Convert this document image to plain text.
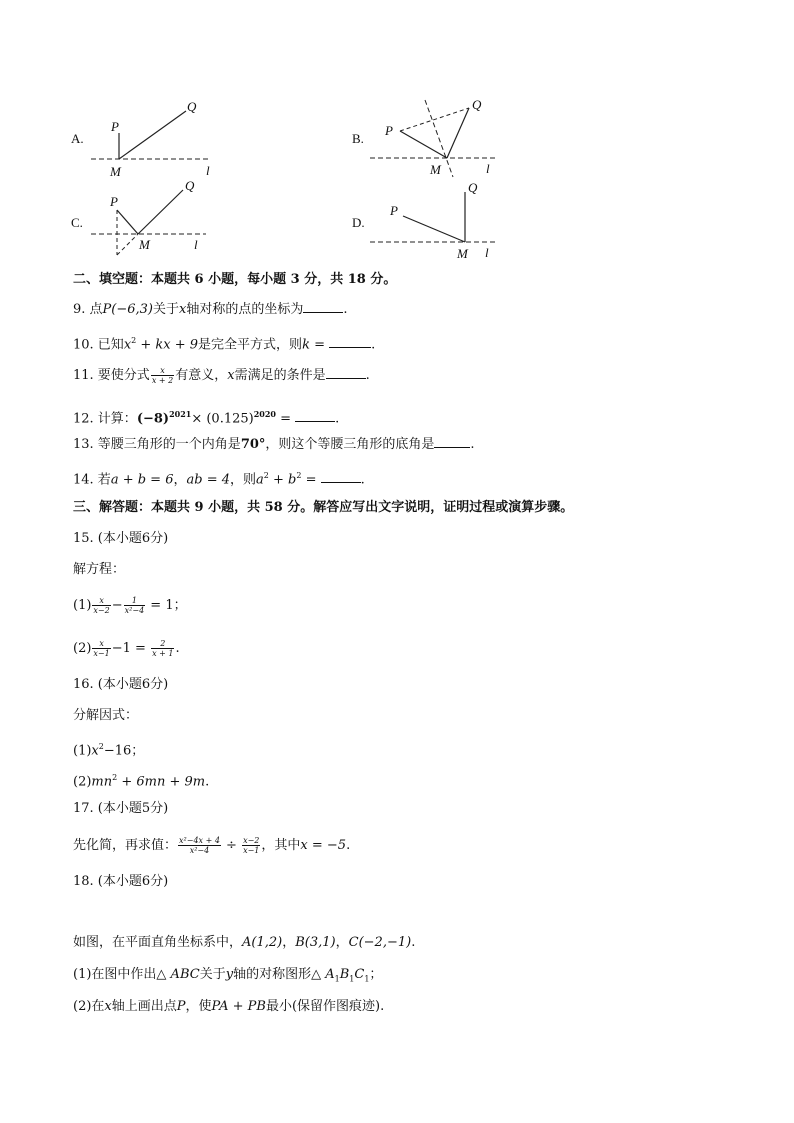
A.
P
Q
M	l
B.
P
Q
M	l
C.
P
Q
M	l
D.
P
Q
M l
二、填空题：本题共 6 小题，每小题 3 分，共 18 分。
9. 点P(−6,3)关于x轴对称的点的坐标为	.
10. 已知$x^2$ + kx + 9是完全平方式，则k =	.
11. 要使分式 $\frac{x}{x + 2}$ 有意义，x需满足的条件是	.
12. 计算：$(-8)^{2021}\times (0.125)^{2020}$ =	.
13. 等腰三角形的一个内角是70°，则这个等腰三角形的底角是	.
14. 若a + b = 6，ab = 4，则$a^2 + b^2$ =	.
三、解答题：本题共 9 小题，共 58 分。解答应写出文字说明，证明过程或演算步骤。
15. (本小题6分)
解方程：
$(1) \frac{x}{x-2} - \frac{1}{\text{x²−4}} = 1$；
$(2) \frac{x}{x-1} -1 = \frac{2}{x + 1}$ .
16. (本小题6分)
分解因式：
$(1)x^2-16$；
$(2)mn^2 + 6mn + 9m$.
17. (本小题5分)
先化简，再求值： $\frac{\text{x²−4x + 4}}{\text{x²−4}} \div \frac{x-2}{x-1}$ ，其中x = −5.
18. (本小题6分)
如图，在平面直角坐标系中，A(1,2)，B(3,1)，C(−2,−1).
(1)在图中作出△ ABC关于y轴的对称图形△ $A_1B_1C_1$；
(2)在x轴上画出点P，使PA + PB最小(保留作图痕迹).
